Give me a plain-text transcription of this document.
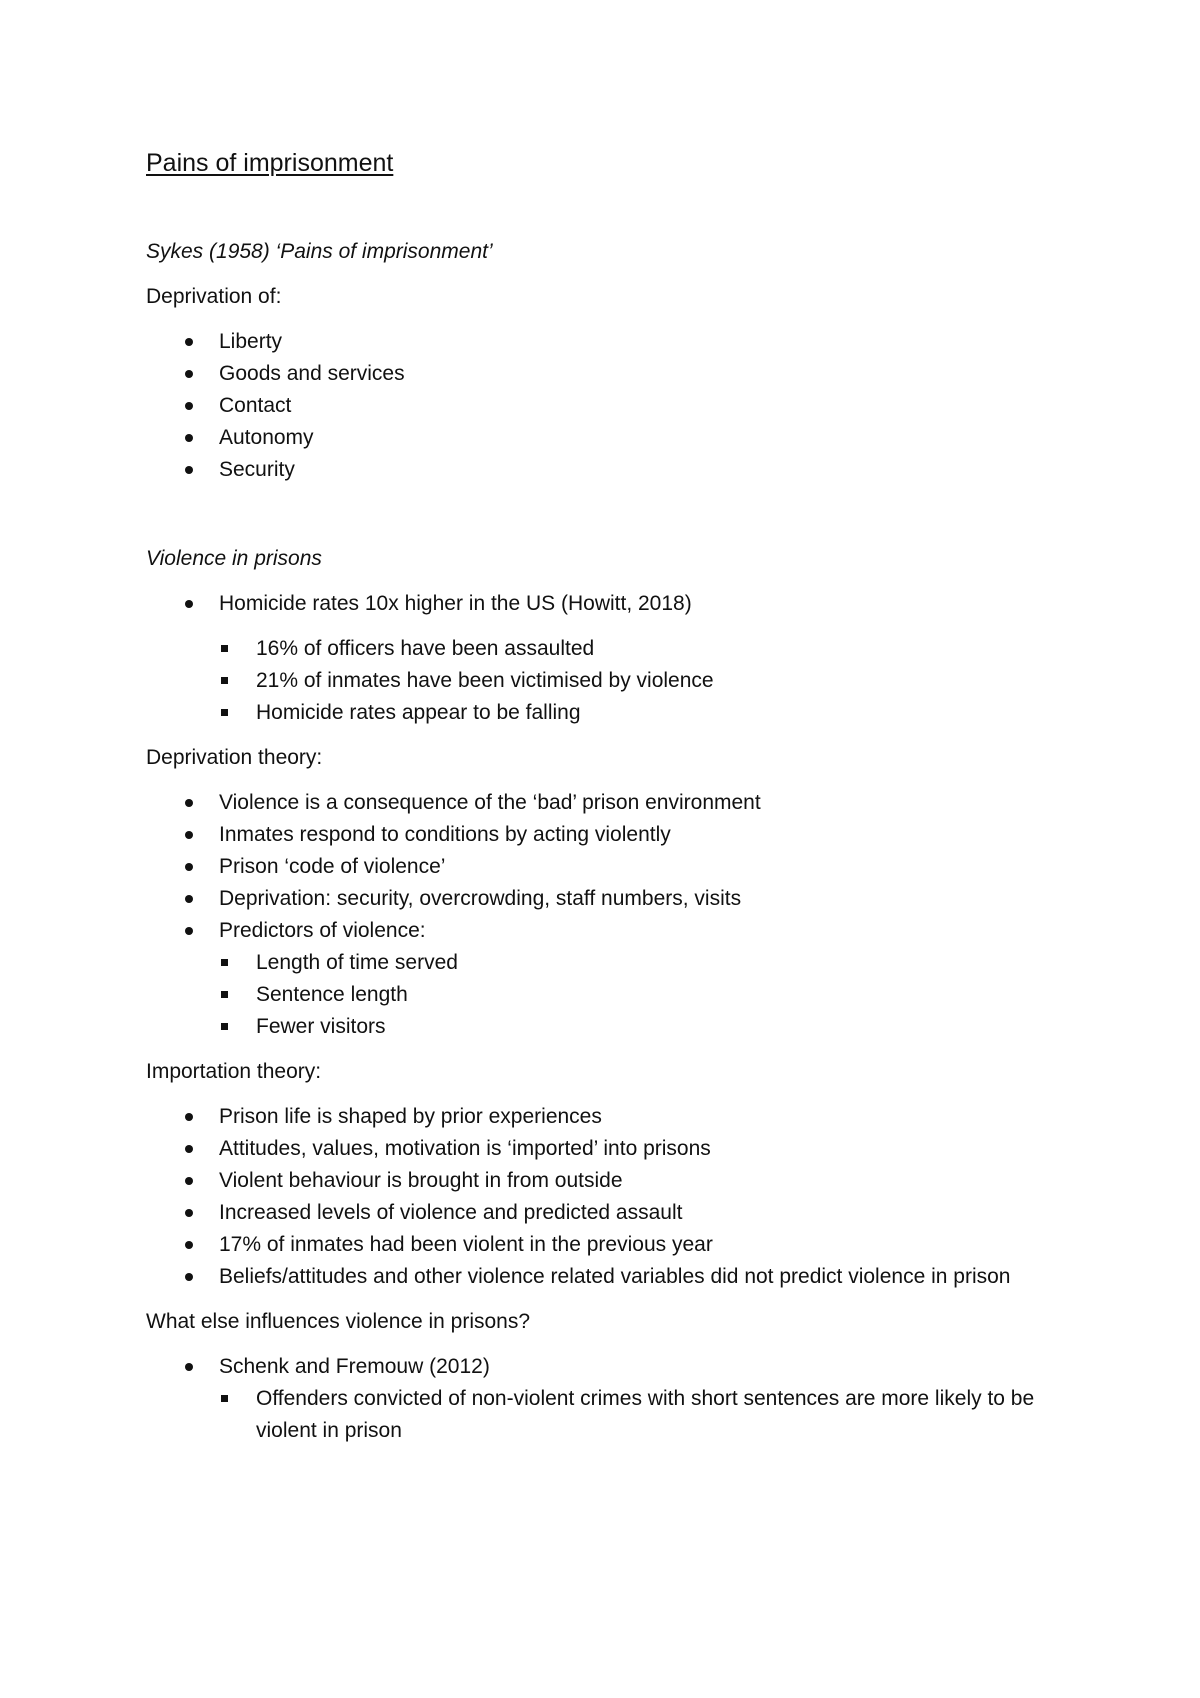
Pains of imprisonment

Sykes (1958) ‘Pains of imprisonment’

Deprivation of:

Liberty
Goods and services
Contact
Autonomy
Security

Violence in prisons

Homicide rates 10x higher in the US (Howitt, 2018)
16% of officers have been assaulted
21% of inmates have been victimised by violence
Homicide rates appear to be falling

Deprivation theory:

Violence is a consequence of the ‘bad’ prison environment
Inmates respond to conditions by acting violently
Prison ‘code of violence’
Deprivation: security, overcrowding, staff numbers, visits
Predictors of violence:
Length of time served
Sentence length
Fewer visitors

Importation theory:

Prison life is shaped by prior experiences
Attitudes, values, motivation is ‘imported’ into prisons
Violent behaviour is brought in from outside
Increased levels of violence and predicted assault
17% of inmates had been violent in the previous year
Beliefs/attitudes and other violence related variables did not predict violence in prison

What else influences violence in prisons?

Schenk and Fremouw (2012)
Offenders convicted of non-violent crimes with short sentences are more likely to be violent in prison
